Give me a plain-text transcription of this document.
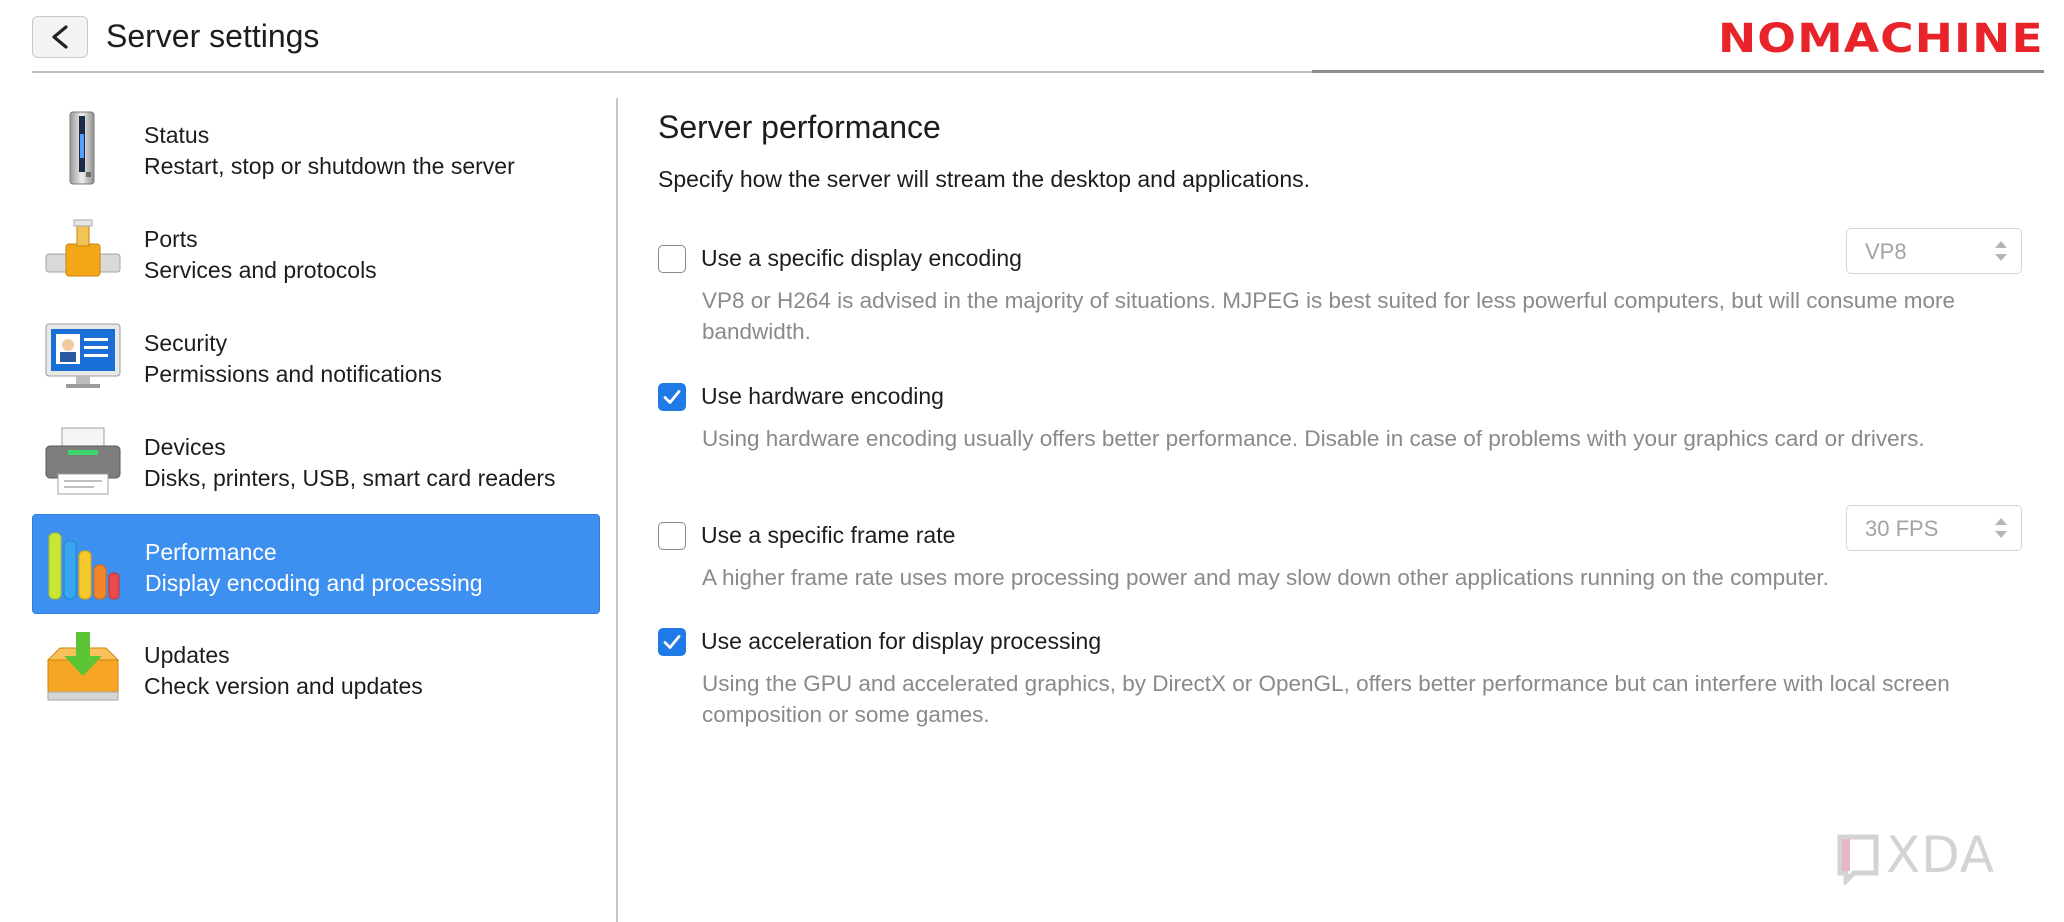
Server settings	NOMACHINE
Status
Restart, stop or shutdown the server
Ports
Services and protocols
Security
Permissions and notifications
Devices
Disks, printers, USB, smart card readers
Performance
Display encoding and processing
Updates
Check version and updates
Server performance
Specify how the server will stream the desktop and applications.
Use a specific display encoding	VP8
VP8 or H264 is advised in the majority of situations. MJPEG is best suited for less powerful computers, but will consume more bandwidth.
Use hardware encoding
Using hardware encoding usually offers better performance. Disable in case of problems with your graphics card or drivers.
Use a specific frame rate	30 FPS
A higher frame rate uses more processing power and may slow down other applications running on the computer.
Use acceleration for display processing
Using the GPU and accelerated graphics, by DirectX or OpenGL, offers better performance but can interfere with local screen composition or some games.
XDA
